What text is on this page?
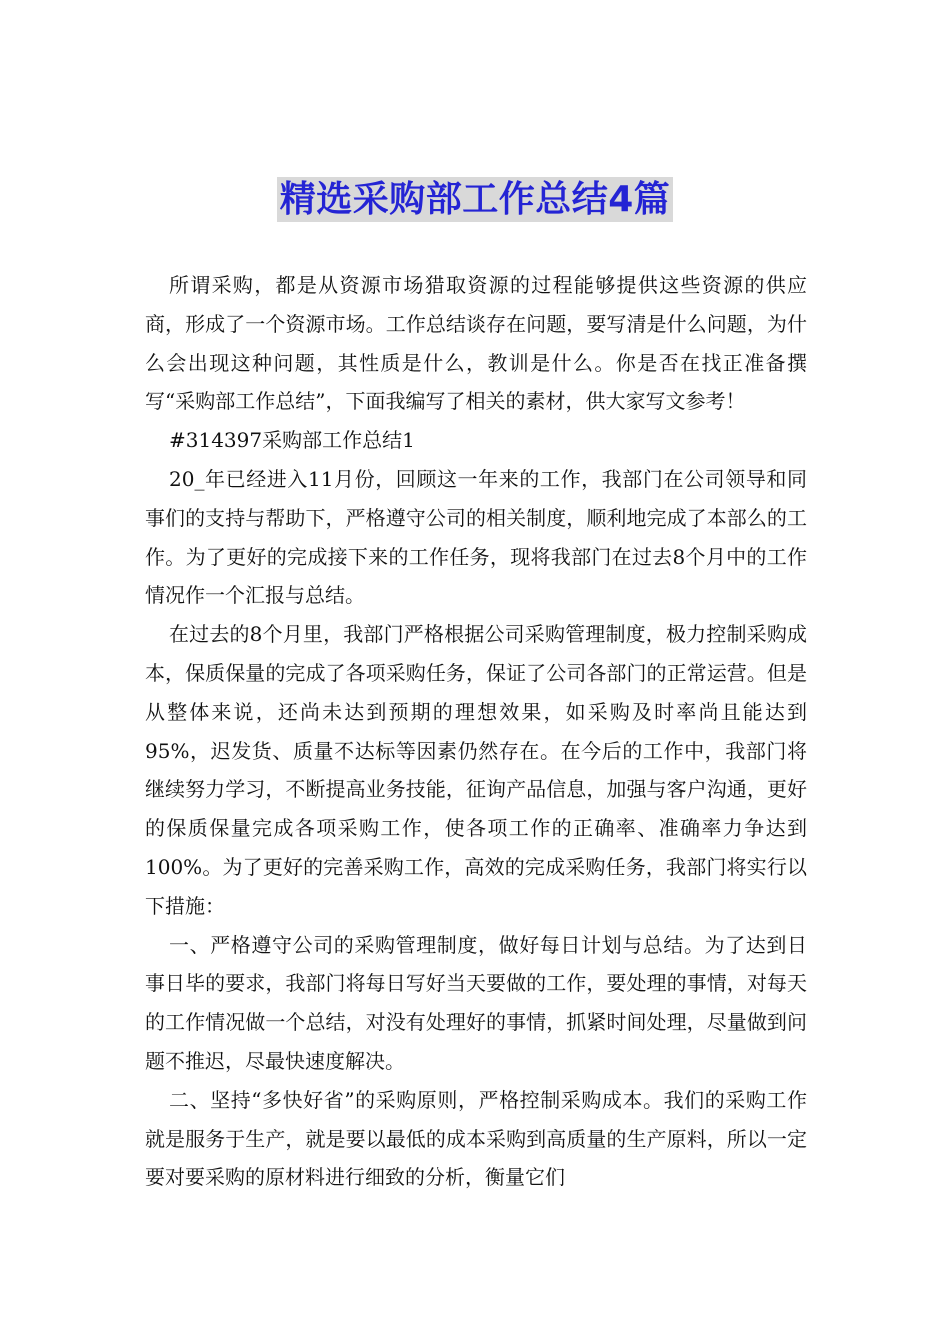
精选采购部工作总结4篇

所谓采购，都是从资源市场猎取资源的过程能够提供这些资源的供应商，形成了一个资源市场。工作总结谈存在问题，要写清是什么问题，为什么会出现这种问题，其性质是什么，教训是什么。你是否在找正准备撰写“采购部工作总结”，下面我编写了相关的素材，供大家写文参考！

#314397采购部工作总结1

20_年已经进入11月份，回顾这一年来的工作，我部门在公司领导和同事们的支持与帮助下，严格遵守公司的相关制度，顺利地完成了本部么的工作。为了更好的完成接下来的工作任务，现将我部门在过去8个月中的工作情况作一个汇报与总结。

在过去的8个月里，我部门严格根据公司采购管理制度，极力控制采购成本，保质保量的完成了各项采购任务，保证了公司各部门的正常运营。但是从整体来说，还尚未达到预期的理想效果，如采购及时率尚且能达到95%，迟发货、质量不达标等因素仍然存在。在今后的工作中，我部门将继续努力学习，不断提高业务技能，征询产品信息，加强与客户沟通，更好的保质保量完成各项采购工作，使各项工作的正确率、准确率力争达到100%。为了更好的完善采购工作，高效的完成采购任务，我部门将实行以下措施：

一、严格遵守公司的采购管理制度，做好每日计划与总结。为了达到日事日毕的要求，我部门将每日写好当天要做的工作，要处理的事情，对每天的工作情况做一个总结，对没有处理好的事情，抓紧时间处理，尽量做到问题不推迟，尽最快速度解决。

二、坚持“多快好省”的采购原则，严格控制采购成本。我们的采购工作就是服务于生产，就是要以最低的成本采购到高质量的生产原料，所以一定要对要采购的原材料进行细致的分析，衡量它们
